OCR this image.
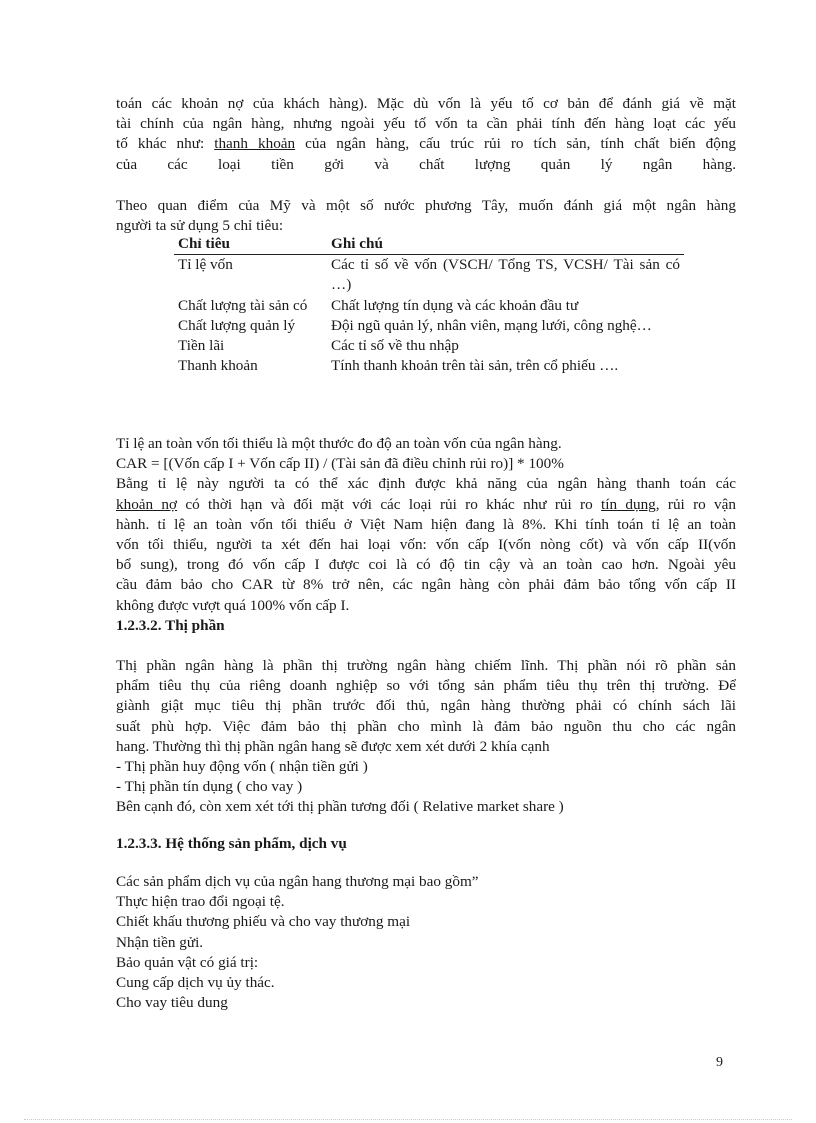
toán các khoản nợ của khách hàng). Mặc dù vốn là yếu tố cơ bản để đánh giá về mặt
tài chính của ngân hàng, nhưng ngoài yếu tố vốn ta cần phải tính đến hàng loạt các yếu
tố khác như: thanh khoản của ngân hàng, cấu trúc rủi ro tích sản, tính chất biến động
của các loại tiền gởi và chất lượng quản lý ngân hàng.
Theo quan điểm của Mỹ và một số nước phương Tây, muốn đánh giá một ngân hàng
người ta sử dụng 5 chỉ tiêu:
Chỉ tiêu	Ghi chú
Tỉ lệ vốn	Các tỉ số về vốn (VSCH/ Tổng TS, VCSH/ Tài sản có …)
Chất lượng tài sản có	Chất lượng tín dụng và các khoản đầu tư
Chất lượng quản lý	Đội ngũ quản lý, nhân viên, mạng lưới, công nghệ…
Tiền lãi	Các tỉ số về thu nhập
Thanh khoản	Tính thanh khoản trên tài sản, trên cổ phiếu ….
Tỉ lệ an toàn vốn tối thiểu là một thước đo độ an toàn vốn của ngân hàng.
CAR = [(Vốn cấp I + Vốn cấp II) / (Tài sản đã điều chỉnh rủi ro)] * 100%
Bằng tỉ lệ này người ta có thể xác định được khả năng của ngân hàng thanh toán các
khoản nợ có thời hạn và đối mặt với các loại rủi ro khác như rủi ro tín dụng, rủi ro vận
hành. tỉ lệ an toàn vốn tối thiểu ở Việt Nam hiện đang là 8%. Khi tính toán tỉ lệ an toàn
vốn tối thiểu, người ta xét đến hai loại vốn: vốn cấp I(vốn nòng cốt) và vốn cấp II(vốn
bổ sung), trong đó vốn cấp I được coi là có độ tin cậy và an toàn cao hơn. Ngoài yêu
cầu đảm bảo cho CAR từ 8% trở nên, các ngân hàng còn phải đảm bảo tổng vốn cấp II
không được vượt quá 100% vốn cấp I.
1.2.3.2. Thị phần
Thị phần ngân hàng là phần thị trường ngân hàng chiếm lĩnh. Thị phần nói rõ phần sản
phẩm tiêu thụ của riêng doanh nghiệp so với tổng sản phẩm tiêu thụ trên thị trường. Để
giành giật mục tiêu thị phần trước đối thủ, ngân hàng thường phải có chính sách lãi
suất phù hợp. Việc đảm bảo thị phần cho mình là đảm bảo nguồn thu cho các ngân
hang. Thường thì thị phần ngân hang sẽ được xem xét dưới 2 khía cạnh
- Thị phần huy động vốn ( nhận tiền gửi )
- Thị phần tín dụng ( cho vay )
Bên cạnh đó, còn xem xét tới thị phần tương đối ( Relative market share )
1.2.3.3. Hệ thống sản phẩm, dịch vụ
Các sản phẩm dịch vụ của ngân hang thương mại bao gồm”
Thực hiện trao đổi ngoại tệ.
Chiết khấu thương phiếu và cho vay thương mại
Nhận tiền gửi.
Bảo quản vật có giá trị:
Cung cấp dịch vụ ủy thác.
Cho vay tiêu dung
9
